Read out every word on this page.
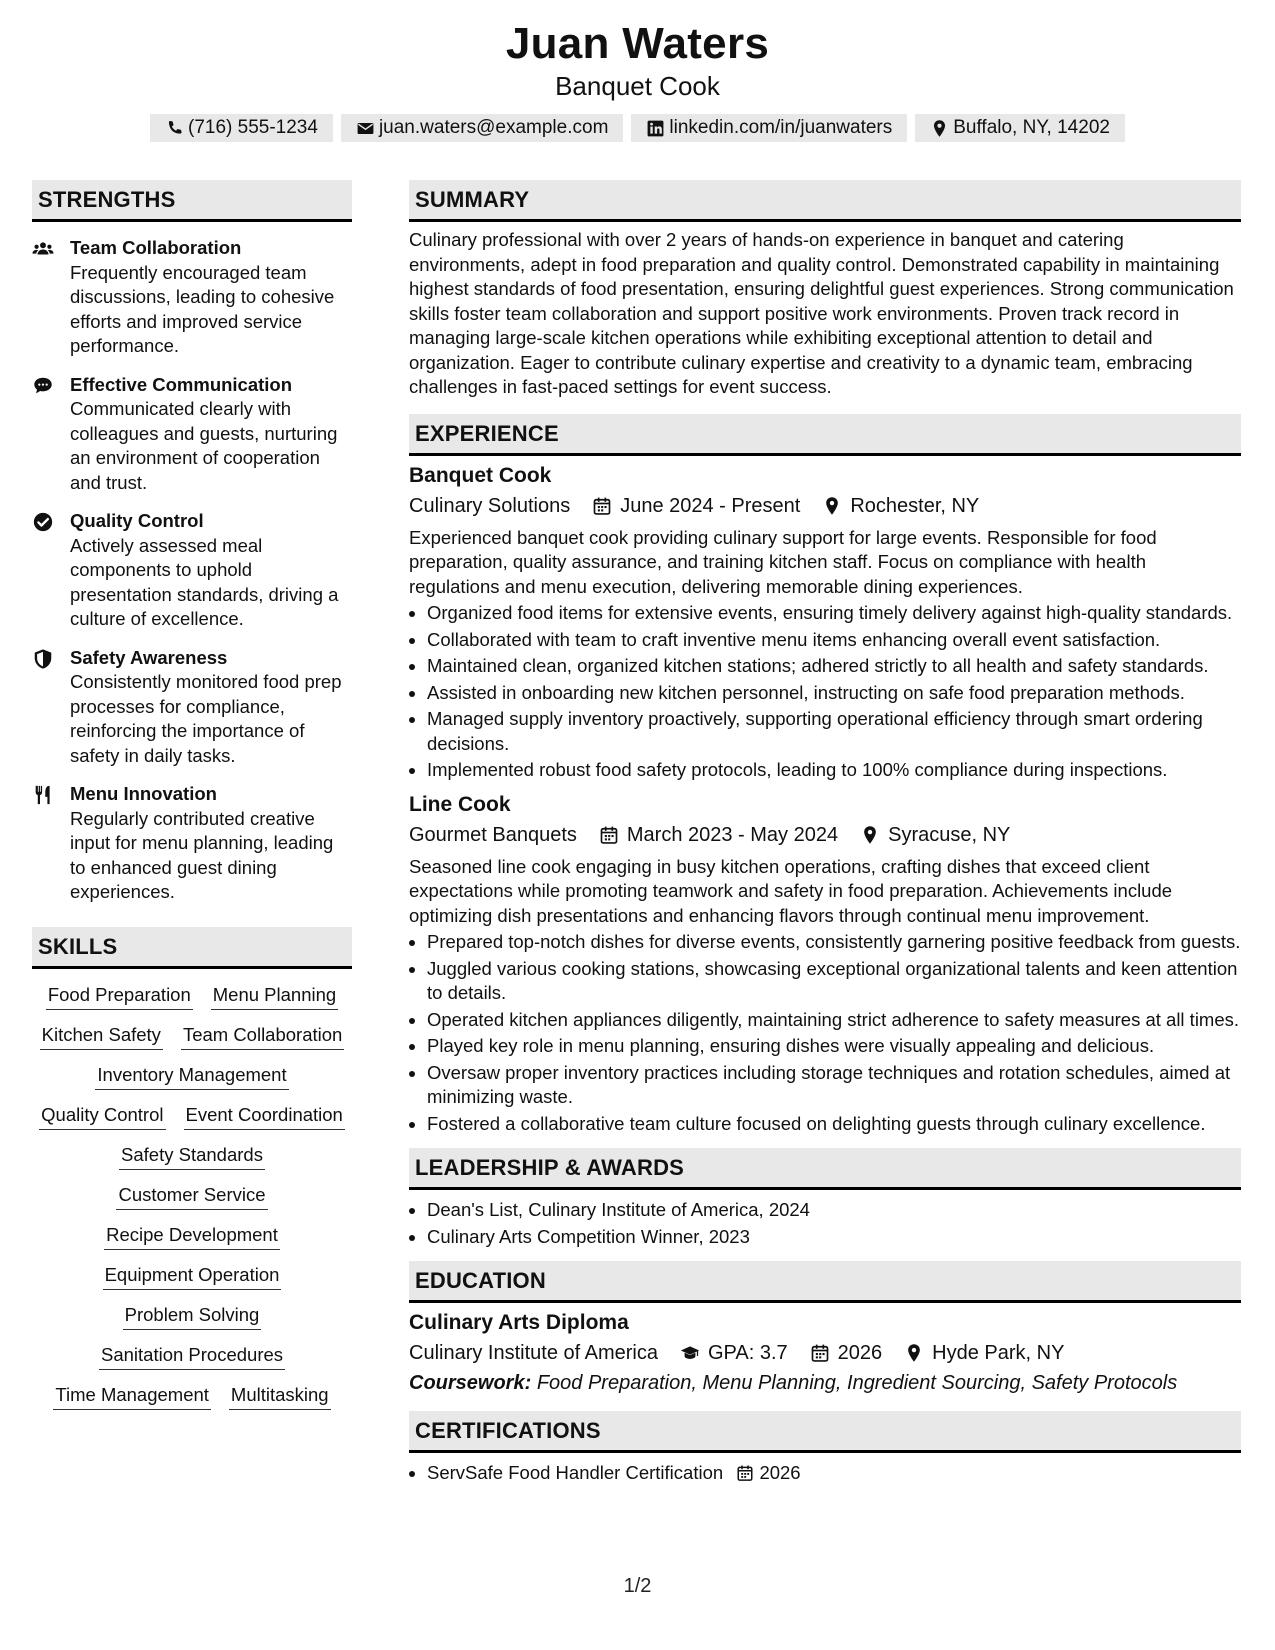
Juan Waters
Banquet Cook
(716) 555-1234	juan.waters@example.com	linkedin.com/in/juanwaters	Buffalo, NY, 14202
STRENGTHS
Team Collaboration
Frequently encouraged team discussions, leading to cohesive efforts and improved service performance.
Effective Communication
Communicated clearly with colleagues and guests, nurturing an environment of cooperation and trust.
Quality Control
Actively assessed meal components to uphold presentation standards, driving a culture of excellence.
Safety Awareness
Consistently monitored food prep processes for compliance, reinforcing the importance of safety in daily tasks.
Menu Innovation
Regularly contributed creative input for menu planning, leading to enhanced guest dining experiences.
SKILLS
Food Preparation Menu Planning
Kitchen Safety Team Collaboration
Inventory Management
Quality Control Event Coordination
Safety Standards
Customer Service
Recipe Development
Equipment Operation
Problem Solving
Sanitation Procedures
Time Management Multitasking
SUMMARY
Culinary professional with over 2 years of hands-on experience in banquet and catering environments, adept in food preparation and quality control. Demonstrated capability in maintaining highest standards of food presentation, ensuring delightful guest experiences. Strong communication skills foster team collaboration and support positive work environments. Proven track record in managing large-scale kitchen operations while exhibiting exceptional attention to detail and organization. Eager to contribute culinary expertise and creativity to a dynamic team, embracing challenges in fast-paced settings for event success.
EXPERIENCE
Banquet Cook
Culinary Solutions	June 2024 - Present	Rochester, NY
Experienced banquet cook providing culinary support for large events. Responsible for food preparation, quality assurance, and training kitchen staff. Focus on compliance with health regulations and menu execution, delivering memorable dining experiences.
• Organized food items for extensive events, ensuring timely delivery against high-quality standards.
• Collaborated with team to craft inventive menu items enhancing overall event satisfaction.
• Maintained clean, organized kitchen stations; adhered strictly to all health and safety standards.
• Assisted in onboarding new kitchen personnel, instructing on safe food preparation methods.
• Managed supply inventory proactively, supporting operational efficiency through smart ordering decisions.
• Implemented robust food safety protocols, leading to 100% compliance during inspections.
Line Cook
Gourmet Banquets	March 2023 - May 2024	Syracuse, NY
Seasoned line cook engaging in busy kitchen operations, crafting dishes that exceed client expectations while promoting teamwork and safety in food preparation. Achievements include optimizing dish presentations and enhancing flavors through continual menu improvement.
• Prepared top-notch dishes for diverse events, consistently garnering positive feedback from guests.
• Juggled various cooking stations, showcasing exceptional organizational talents and keen attention to details.
• Operated kitchen appliances diligently, maintaining strict adherence to safety measures at all times.
• Played key role in menu planning, ensuring dishes were visually appealing and delicious.
• Oversaw proper inventory practices including storage techniques and rotation schedules, aimed at minimizing waste.
• Fostered a collaborative team culture focused on delighting guests through culinary excellence.
LEADERSHIP & AWARDS
• Dean's List, Culinary Institute of America, 2024
• Culinary Arts Competition Winner, 2023
EDUCATION
Culinary Arts Diploma
Culinary Institute of America	GPA: 3.7	2026	Hyde Park, NY
Coursework: Food Preparation, Menu Planning, Ingredient Sourcing, Safety Protocols
CERTIFICATIONS
• ServSafe Food Handler Certification 2026
1/2
